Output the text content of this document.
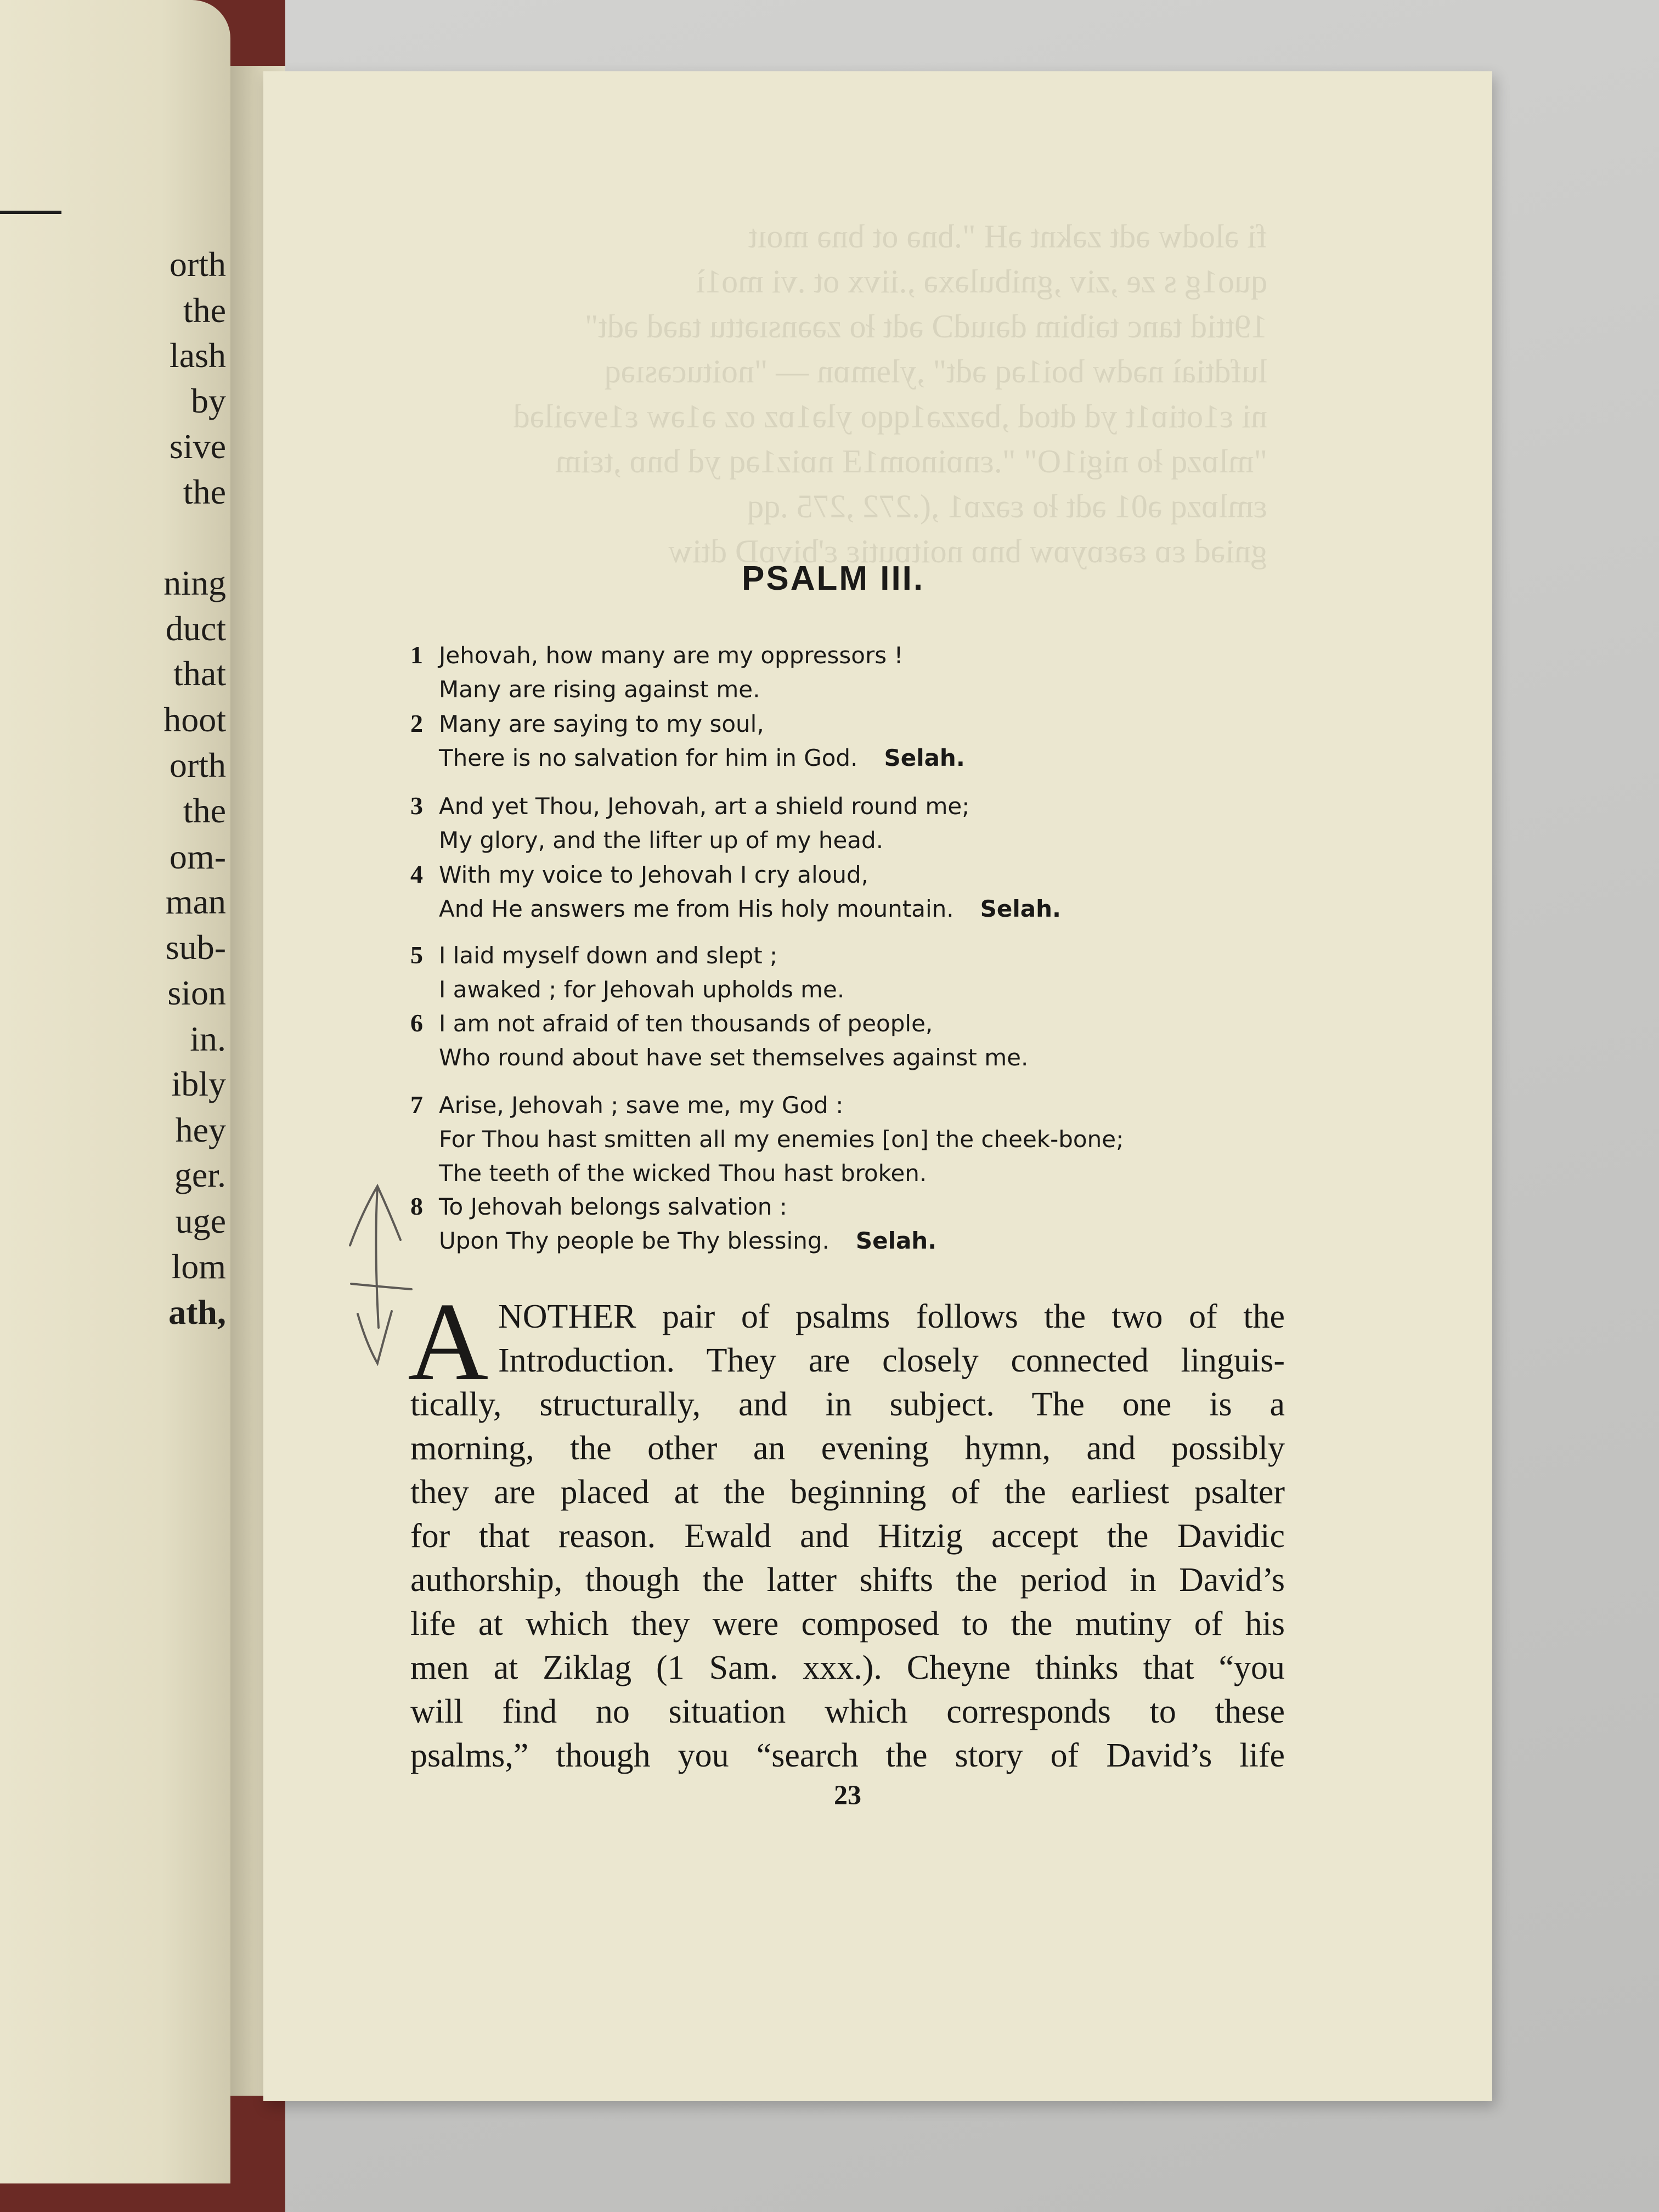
orth
the
lash
by
sive
the
ning
duct
that
hoot
orth
the
om-
man
sub-
sion
in.
ibly
hey
ger.
uge
lom
ath,
fi əlodw ədt zəknt əH ".bnə ot bnə moıt
quo1g s ze ,ziv ,gnibuləxə ,.iivx ot .vi mo1ì
19ttid tanc təibim dəıudƆ ədt ło zəənsıəttu taəd ədt"
lufdtiaì nədw boi1əq ədt" ,ylɘmɒn — "noitucəsıəq
ni ɛ1otiɒ1t yd dtod ,bəzzə1qqo ylə1ɒz oz ə1əw ɛ1ɘvəiləd
"mlɒzq ło nigi1O" ".ɛnɒinom1Ǝ nɒiz1əq yd bnɒ ,tɛim
ɛmlɒzq ə01 ədt ło ɛəzɒ1 ,(.272 ,275 .qq
gniəd ɛɒ ɛəɛɒyɒw bnɒ noitɒutiɛ ɛ'bivɒD dtiw
PSALM III.
1 Jehovah, how many are my oppressors !
Many are rising against me.
2 Many are saying to my soul,
There is no salvation for him in God. Selah.
3 And yet Thou, Jehovah, art a shield round me;
My glory, and the lifter up of my head.
4 With my voice to Jehovah I cry aloud,
And He answers me from His holy mountain. Selah.
5 I laid myself down and slept ;
I awaked ; for Jehovah upholds me.
6 I am not afraid of ten thousands of people,
Who round about have set themselves against me.
7 Arise, Jehovah ; save me, my God :
For Thou hast smitten all my enemies [on] the cheek-bone;
The teeth of the wicked Thou hast broken.
8 To Jehovah belongs salvation :
Upon Thy people be Thy blessing. Selah.
A NOTHER pair of psalms follows the two of the
Introduction. They are closely connected linguis-
tically, structurally, and in subject. The one is a
morning, the other an evening hymn, and possibly
they are placed at the beginning of the earliest psalter
for that reason. Ewald and Hitzig accept the Davidic
authorship, though the latter shifts the period in David’s
life at which they were composed to the mutiny of his
men at Ziklag (1 Sam. xxx.). Cheyne thinks that “you
will find no situation which corresponds to these
psalms,” though you “search the story of David’s life
23
